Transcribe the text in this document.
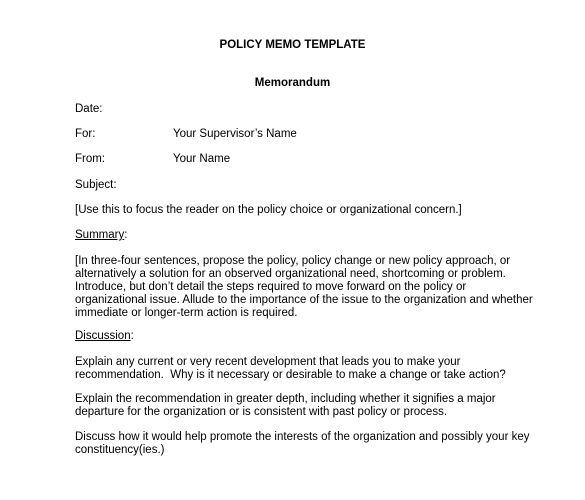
POLICY MEMO TEMPLATE
Memorandum
Date:
For:	Your Supervisor’s Name
From:	Your Name
Subject:
[Use this to focus the reader on the policy choice or organizational concern.]
Summary:
[In three-four sentences, propose the policy, policy change or new policy approach, or
alternatively a solution for an observed organizational need, shortcoming or problem.
Introduce, but don’t detail the steps required to move forward on the policy or
organizational issue. Allude to the importance of the issue to the organization and whether
immediate or longer-term action is required.
Discussion:
Explain any current or very recent development that leads you to make your
recommendation.  Why is it necessary or desirable to make a change or take action?
Explain the recommendation in greater depth, including whether it signifies a major
departure for the organization or is consistent with past policy or process.
Discuss how it would help promote the interests of the organization and possibly your key
constituency(ies.)
